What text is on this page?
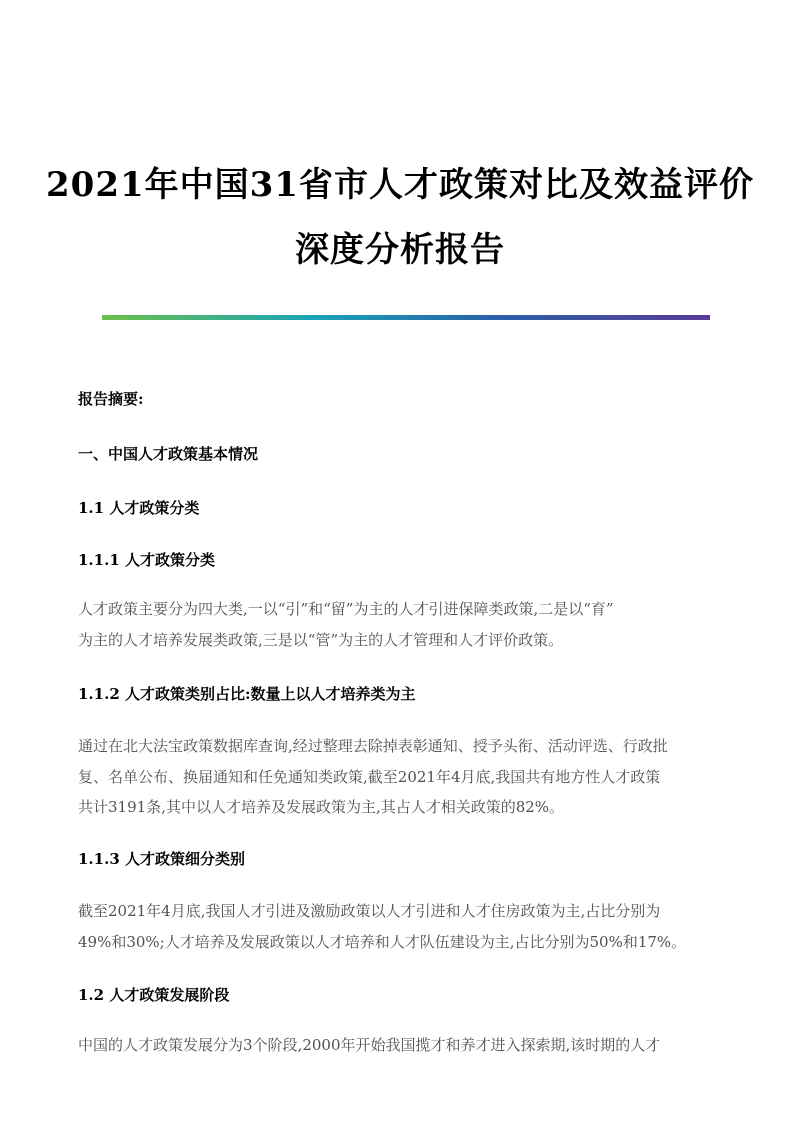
2021年中国31省市人才政策对比及效益评价
深度分析报告
报告摘要:
一、中国人才政策基本情况
1.1 人才政策分类
1.1.1 人才政策分类
人才政策主要分为四大类,一以“引”和“留”为主的人才引进保障类政策,二是以“育”
为主的人才培养发展类政策,三是以“管”为主的人才管理和人才评价政策。
1.1.2 人才政策类别占比:数量上以人才培养类为主
通过在北大法宝政策数据库查询,经过整理去除掉表彰通知、授予头衔、活动评选、行政批
复、名单公布、换届通知和任免通知类政策,截至2021年4月底,我国共有地方性人才政策
共计3191条,其中以人才培养及发展政策为主,其占人才相关政策的82%。
1.1.3 人才政策细分类别
截至2021年4月底,我国人才引进及激励政策以人才引进和人才住房政策为主,占比分别为
49%和30%;人才培养及发展政策以人才培养和人才队伍建设为主,占比分别为50%和17%。
1.2 人才政策发展阶段
中国的人才政策发展分为3个阶段,2000年开始我国揽才和养才进入探索期,该时期的人才
